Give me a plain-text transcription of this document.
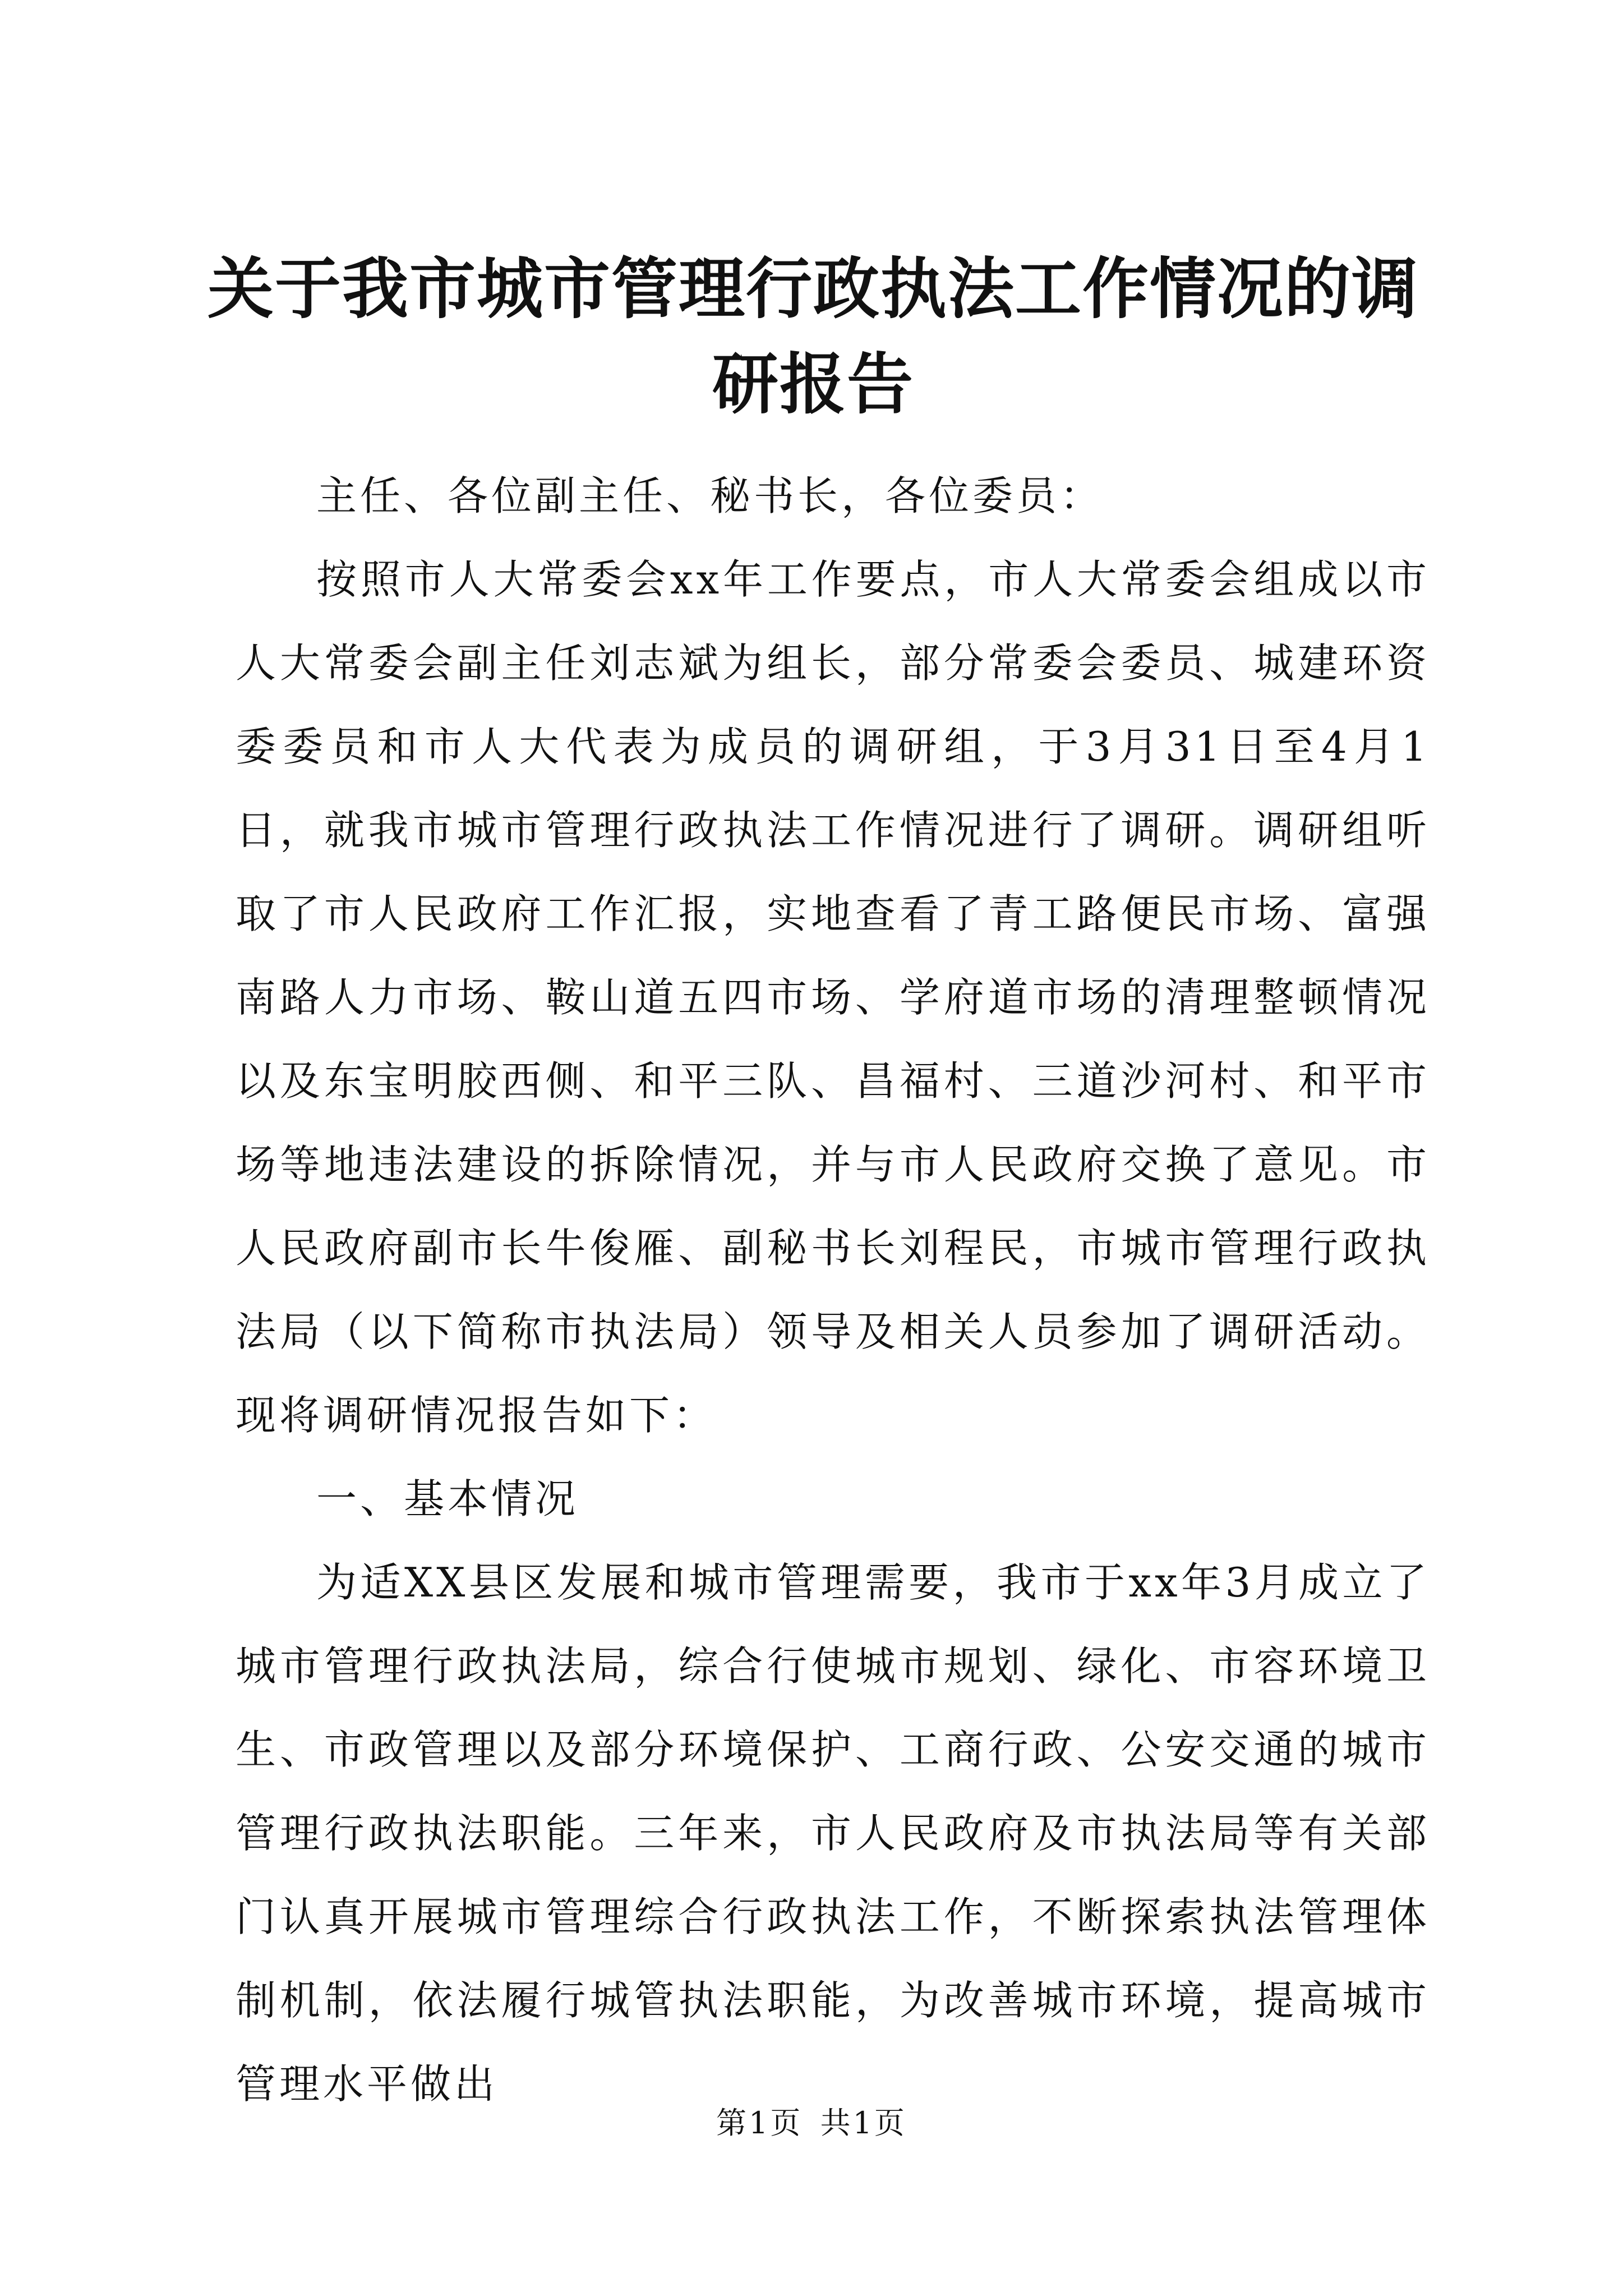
关于我市城市管理行政执法工作情况的调研报告

主任、各位副主任、秘书长，各位委员：

按照市人大常委会xx年工作要点，市人大常委会组成以市人大常委会副主任刘志斌为组长，部分常委会委员、城建环资委委员和市人大代表为成员的调研组，于3月31日至4月1日，就我市城市管理行政执法工作情况进行了调研。调研组听取了市人民政府工作汇报，实地查看了青工路便民市场、富强南路人力市场、鞍山道五四市场、学府道市场的清理整顿情况以及东宝明胶西侧、和平三队、昌福村、三道沙河村、和平市场等地违法建设的拆除情况，并与市人民政府交换了意见。市人民政府副市长牛俊雁、副秘书长刘程民，市城市管理行政执法局（以下简称市执法局）领导及相关人员参加了调研活动。现将调研情况报告如下：

一、基本情况

为适XX县区发展和城市管理需要，我市于xx年3月成立了城市管理行政执法局，综合行使城市规划、绿化、市容环境卫生、市政管理以及部分环境保护、工商行政、公安交通的城市管理行政执法职能。三年来，市人民政府及市执法局等有关部门认真开展城市管理综合行政执法工作，不断探索执法管理体制机制，依法履行城管执法职能，为改善城市环境，提高城市管理水平做出

第1页 共1页
